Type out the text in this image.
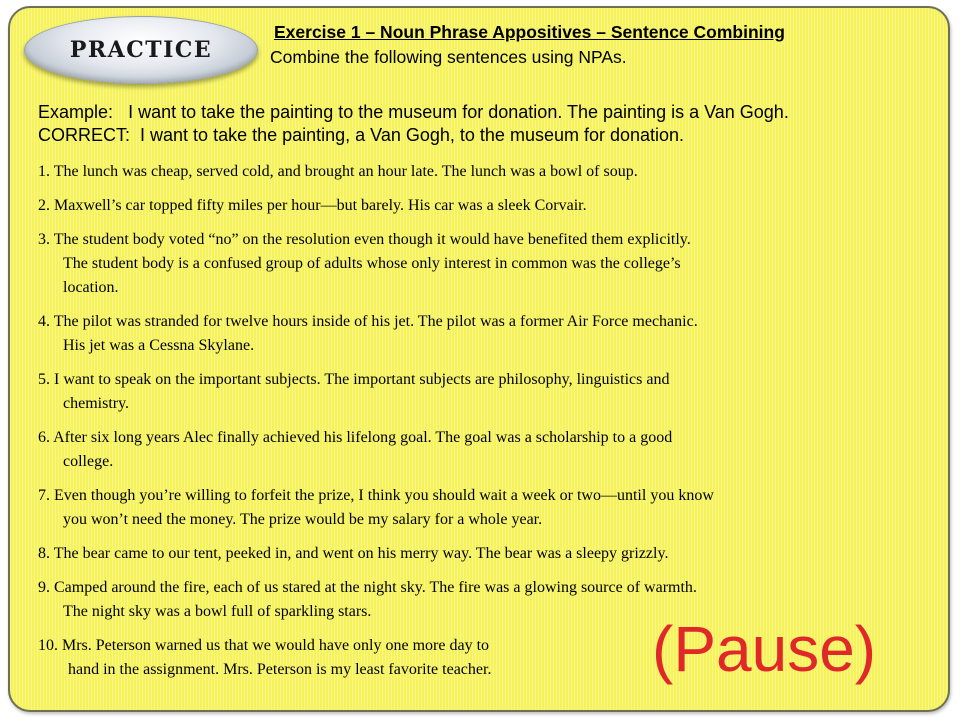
PRACTICE
Exercise 1 – Noun Phrase Appositives – Sentence Combining
Combine the following sentences using NPAs.
Example: I want to take the painting to the museum for donation. The painting is a Van Gogh.
CORRECT: I want to take the painting, a Van Gogh, to the museum for donation.
1. The lunch was cheap, served cold, and brought an hour late. The lunch was a bowl of soup.
2. Maxwell’s car topped fifty miles per hour—but barely. His car was a sleek Corvair.
3. The student body voted “no” on the resolution even though it would have benefited them explicitly.
The student body is a confused group of adults whose only interest in common was the college’s
location.
4. The pilot was stranded for twelve hours inside of his jet. The pilot was a former Air Force mechanic.
His jet was a Cessna Skylane.
5. I want to speak on the important subjects. The important subjects are philosophy, linguistics and
chemistry.
6. After six long years Alec finally achieved his lifelong goal. The goal was a scholarship to a good
college.
7. Even though you’re willing to forfeit the prize, I think you should wait a week or two—until you know
you won’t need the money. The prize would be my salary for a whole year.
8. The bear came to our tent, peeked in, and went on his merry way. The bear was a sleepy grizzly.
9. Camped around the fire, each of us stared at the night sky. The fire was a glowing source of warmth.
The night sky was a bowl full of sparkling stars.
10. Mrs. Peterson warned us that we would have only one more day to
hand in the assignment. Mrs. Peterson is my least favorite teacher.	(Pause)
